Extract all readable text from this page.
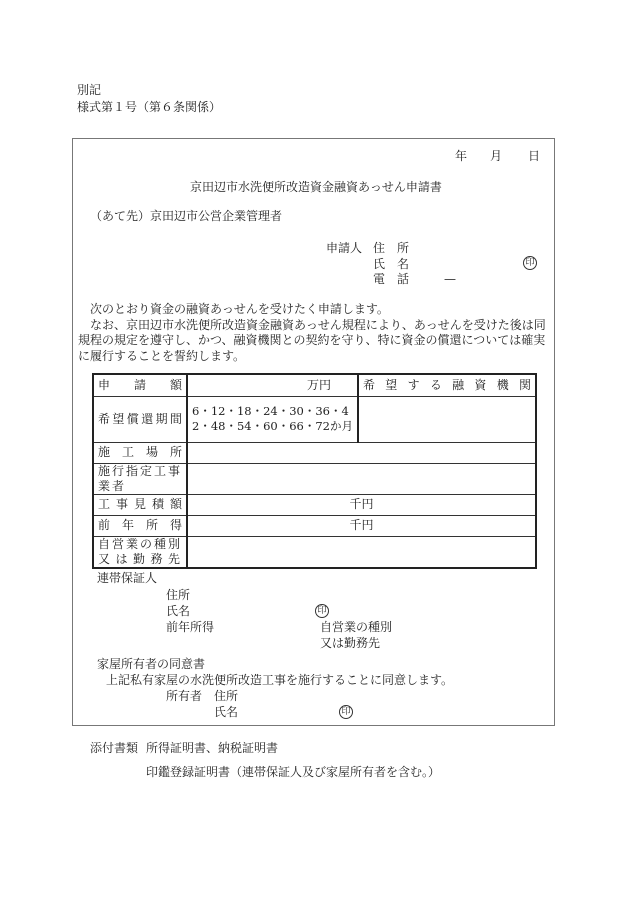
別記
様式第１号（第６条関係）
年 月 日
京田辺市水洗便所改造資金融資あっせん申請書
（あて先）京田辺市公営企業管理者
申請人 住　所
氏　名	印
電　話	—
次のとおり資金の融資あっせんを受けたく申請します。
なお、京田辺市水洗便所改造資金融資あっせん規程により、あっせんを受けた後は同規程の規定を遵守し、かつ、融資機関との契約を守り、特に資金の償還については確実に履行することを誓約します。
申請額	万円	希望する融資機関
希望償還期間	6・12・18・24・30・36・42・48・54・60・66・72か月	
施工場所		
施行指定工事業者		
工事見積額	千円	
前年所得	千円	
自営業の種別又は勤務先		
連帯保証人
住所
氏名	印
前年所得	自営業の種別
又は勤務先
家屋所有者の同意書
上記私有家屋の水洗便所改造工事を施行することに同意します。
所有者 住所
氏名	印
添付書類 所得証明書、納税証明書
印鑑登録証明書（連帯保証人及び家屋所有者を含む。）
